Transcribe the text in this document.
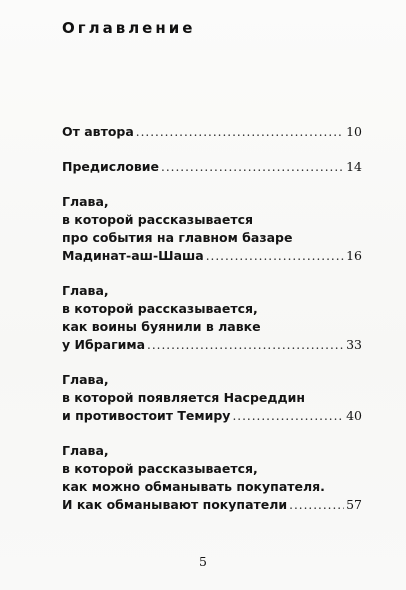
Оглавление
От автора .....	10
Предисловие .....	14
Глава,
в которой рассказывается
про события на главном базаре
Мадинат-аш-Шаша .....	16
Глава,
в которой рассказывается,
как воины буянили в лавке
у Ибрагима .....	33
Глава,
в которой появляется Насреддин
и противостоит Темиру .....	40
Глава,
в которой рассказывается,
как можно обманывать покупателя.
И как обманывают покупатели .....	57
5
